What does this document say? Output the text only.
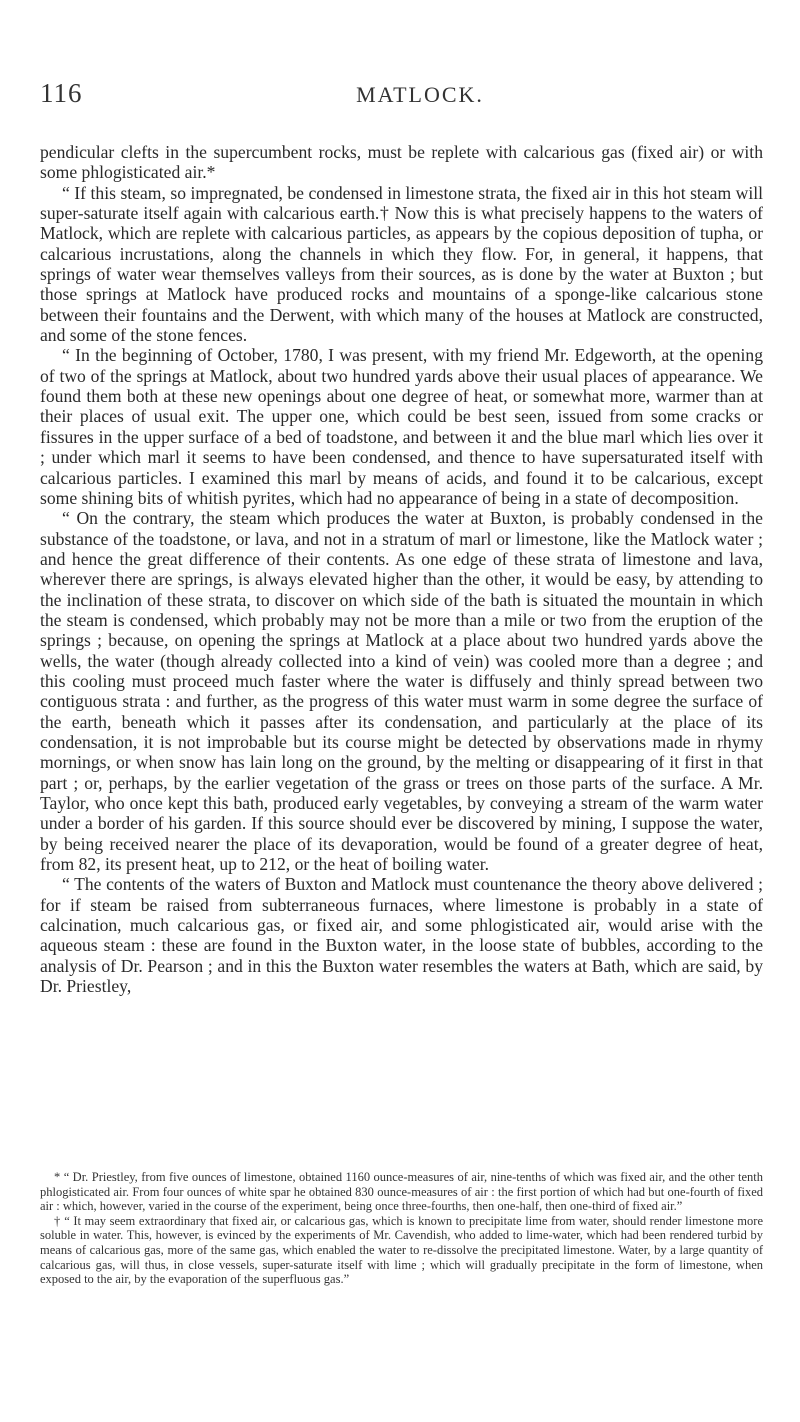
116	MATLOCK.

pendicular clefts in the supercumbent rocks, must be replete with calcarious gas (fixed air) or with some phlogisticated air.*

“ If this steam, so impregnated, be condensed in limestone strata, the fixed air in this hot steam will super-saturate itself again with calcarious earth.† Now this is what precisely happens to the waters of Matlock, which are replete with calcarious particles, as appears by the copious deposition of tupha, or calcarious incrustations, along the channels in which they flow. For, in general, it happens, that springs of water wear themselves valleys from their sources, as is done by the water at Buxton ; but those springs at Matlock have produced rocks and mountains of a sponge-like calcarious stone between their fountains and the Derwent, with which many of the houses at Matlock are constructed, and some of the stone fences.

“ In the beginning of October, 1780, I was present, with my friend Mr. Edgeworth, at the opening of two of the springs at Matlock, about two hundred yards above their usual places of appearance. We found them both at these new openings about one degree of heat, or somewhat more, warmer than at their places of usual exit. The upper one, which could be best seen, issued from some cracks or fissures in the upper surface of a bed of toadstone, and between it and the blue marl which lies over it ; under which marl it seems to have been condensed, and thence to have supersaturated itself with calcarious particles. I examined this marl by means of acids, and found it to be calcarious, except some shining bits of whitish pyrites, which had no appearance of being in a state of decomposition.

“ On the contrary, the steam which produces the water at Buxton, is probably condensed in the substance of the toadstone, or lava, and not in a stratum of marl or limestone, like the Matlock water ; and hence the great difference of their contents. As one edge of these strata of limestone and lava, wherever there are springs, is always elevated higher than the other, it would be easy, by attending to the inclination of these strata, to discover on which side of the bath is situated the mountain in which the steam is condensed, which probably may not be more than a mile or two from the eruption of the springs ; because, on opening the springs at Matlock at a place about two hundred yards above the wells, the water (though already collected into a kind of vein) was cooled more than a degree ; and this cooling must proceed much faster where the water is diffusely and thinly spread between two contiguous strata : and further, as the progress of this water must warm in some degree the surface of the earth, beneath which it passes after its condensation, and particularly at the place of its condensation, it is not improbable but its course might be detected by observations made in rhymy mornings, or when snow has lain long on the ground, by the melting or disappearing of it first in that part ; or, perhaps, by the earlier vegetation of the grass or trees on those parts of the surface. A Mr. Taylor, who once kept this bath, produced early vegetables, by conveying a stream of the warm water under a border of his garden. If this source should ever be discovered by mining, I suppose the water, by being received nearer the place of its devaporation, would be found of a greater degree of heat, from 82, its present heat, up to 212, or the heat of boiling water.

“ The contents of the waters of Buxton and Matlock must countenance the theory above delivered ; for if steam be raised from subterraneous furnaces, where limestone is probably in a state of calcination, much calcarious gas, or fixed air, and some phlogisticated air, would arise with the aqueous steam : these are found in the Buxton water, in the loose state of bubbles, according to the analysis of Dr. Pearson ; and in this the Buxton water resembles the waters at Bath, which are said, by Dr. Priestley,

* “ Dr. Priestley, from five ounces of limestone, obtained 1160 ounce-measures of air, nine-tenths of which was fixed air, and the other tenth phlogisticated air. From four ounces of white spar he obtained 830 ounce-measures of air : the first portion of which had but one-fourth of fixed air : which, however, varied in the course of the experiment, being once three-fourths, then one-half, then one-third of fixed air.”

† “ It may seem extraordinary that fixed air, or calcarious gas, which is known to precipitate lime from water, should render limestone more soluble in water. This, however, is evinced by the experiments of Mr. Cavendish, who added to lime-water, which had been rendered turbid by means of calcarious gas, more of the same gas, which enabled the water to re-dissolve the precipitated limestone. Water, by a large quantity of calcarious gas, will thus, in close vessels, super-saturate itself with lime ; which will gradually precipitate in the form of limestone, when exposed to the air, by the evaporation of the superfluous gas.”
